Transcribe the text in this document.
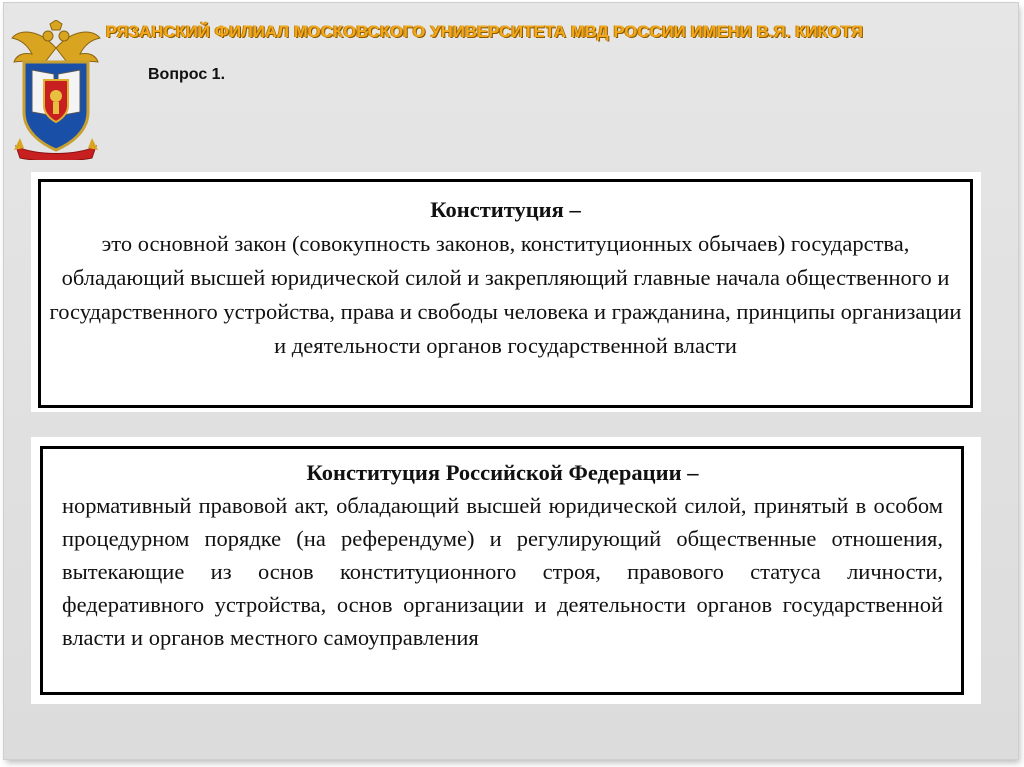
РЯЗАНСКИЙ ФИЛИАЛ МОСКОВСКОГО УНИВЕРСИТЕТА МВД РОССИИ ИМЕНИ В.Я. КИКОТЯ
Вопрос 1.
Конституция –
это основной закон (совокупность законов, конституционных обычаев) государства, обладающий высшей юридической силой и закрепляющий главные начала общественного и государственного устройства, права и свободы человека и гражданина, принципы организации и деятельности органов государственной власти
Конституция Российской Федерации –
нормативный правовой акт, обладающий высшей юридической силой, принятый в особом процедурном порядке (на референдуме) и регулирующий общественные отношения, вытекающие из основ конституционного строя, правового статуса личности, федеративного устройства, основ организации и деятельности органов государственной власти и органов местного самоуправления
